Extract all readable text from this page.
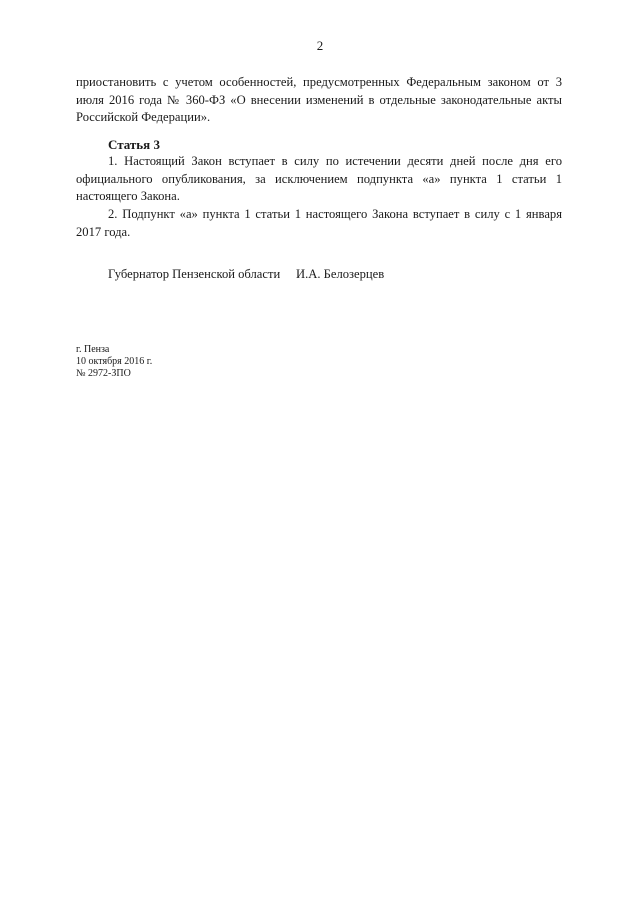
2
приостановить с учетом особенностей, предусмотренных Федеральным законом от 3 июля 2016 года № 360-ФЗ «О внесении изменений в отдельные законодательные акты Российской Федерации».
Статья 3
1. Настоящий Закон вступает в силу по истечении десяти дней после дня его официального опубликования, за исключением подпункта «а» пункта 1 статьи 1 настоящего Закона.
2. Подпункт «а» пункта 1 статьи 1 настоящего Закона вступает в силу с 1 января 2017 года.
Губернатор Пензенской области И.А. Белозерцев
г. Пенза
10 октября 2016 г.
№ 2972-ЗПО
